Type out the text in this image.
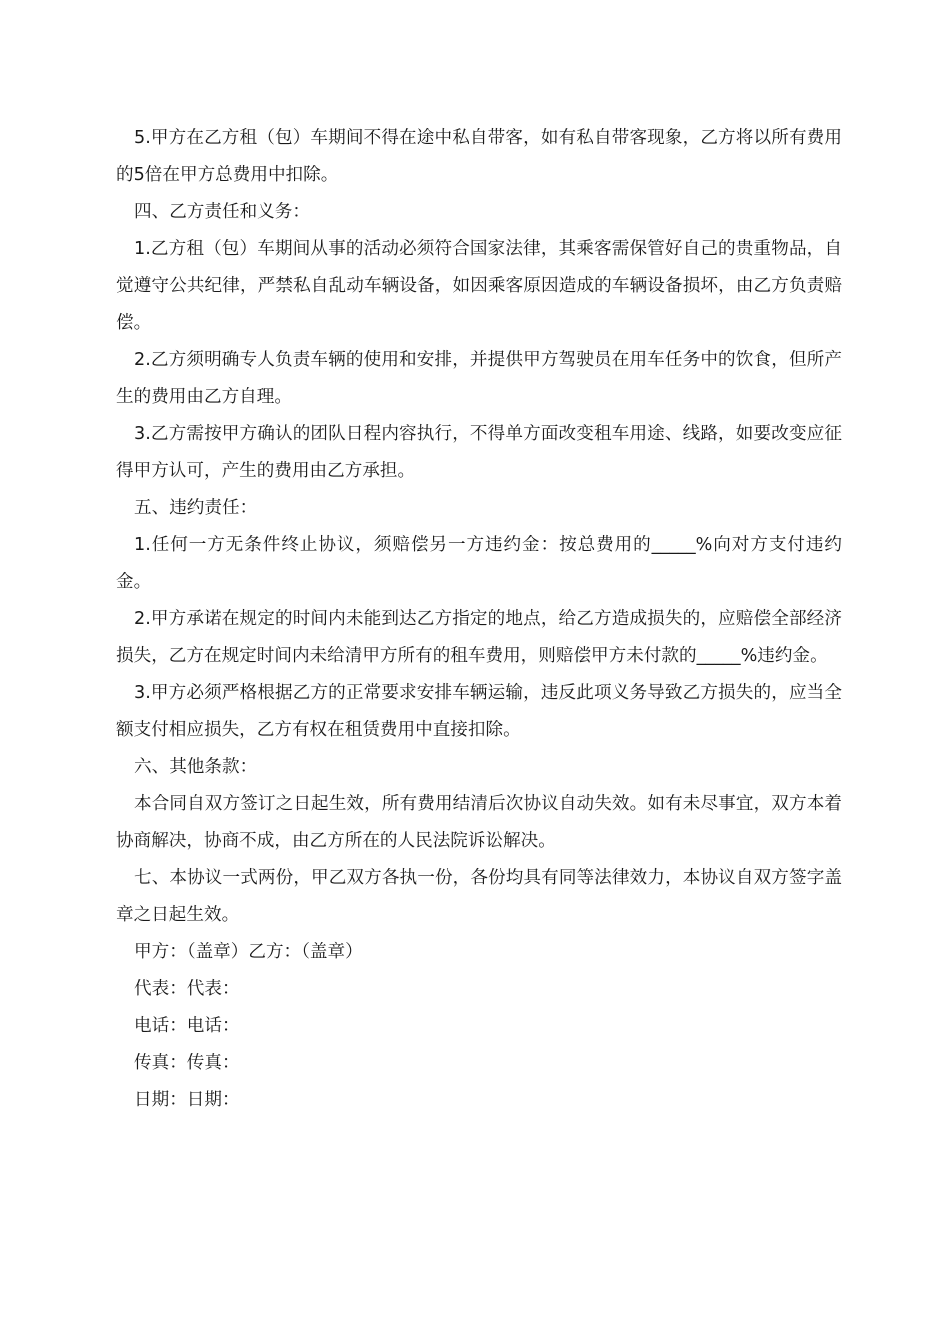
5.甲方在乙方租（包）车期间不得在途中私自带客，如有私自带客现象，乙方将以所有费用的5倍在甲方总费用中扣除。

四、乙方责任和义务：

1.乙方租（包）车期间从事的活动必须符合国家法律，其乘客需保管好自己的贵重物品，自觉遵守公共纪律，严禁私自乱动车辆设备，如因乘客原因造成的车辆设备损坏，由乙方负责赔偿。

2.乙方须明确专人负责车辆的使用和安排，并提供甲方驾驶员在用车任务中的饮食，但所产生的费用由乙方自理。

3.乙方需按甲方确认的团队日程内容执行，不得单方面改变租车用途、线路，如要改变应征得甲方认可，产生的费用由乙方承担。

五、违约责任：

1.任何一方无条件终止协议，须赔偿另一方违约金：按总费用的_____%向对方支付违约金。

2.甲方承诺在规定的时间内未能到达乙方指定的地点，给乙方造成损失的，应赔偿全部经济损失，乙方在规定时间内未给清甲方所有的租车费用，则赔偿甲方未付款的_____%违约金。

3.甲方必须严格根据乙方的正常要求安排车辆运输，违反此项义务导致乙方损失的，应当全额支付相应损失，乙方有权在租赁费用中直接扣除。

六、其他条款：

本合同自双方签订之日起生效，所有费用结清后次协议自动失效。如有未尽事宜，双方本着协商解决，协商不成，由乙方所在的人民法院诉讼解决。

七、本协议一式两份，甲乙双方各执一份，各份均具有同等法律效力，本协议自双方签字盖章之日起生效。

甲方：（盖章）乙方：（盖章）

代表：代表：

电话：电话：

传真：传真：

日期：日期：
